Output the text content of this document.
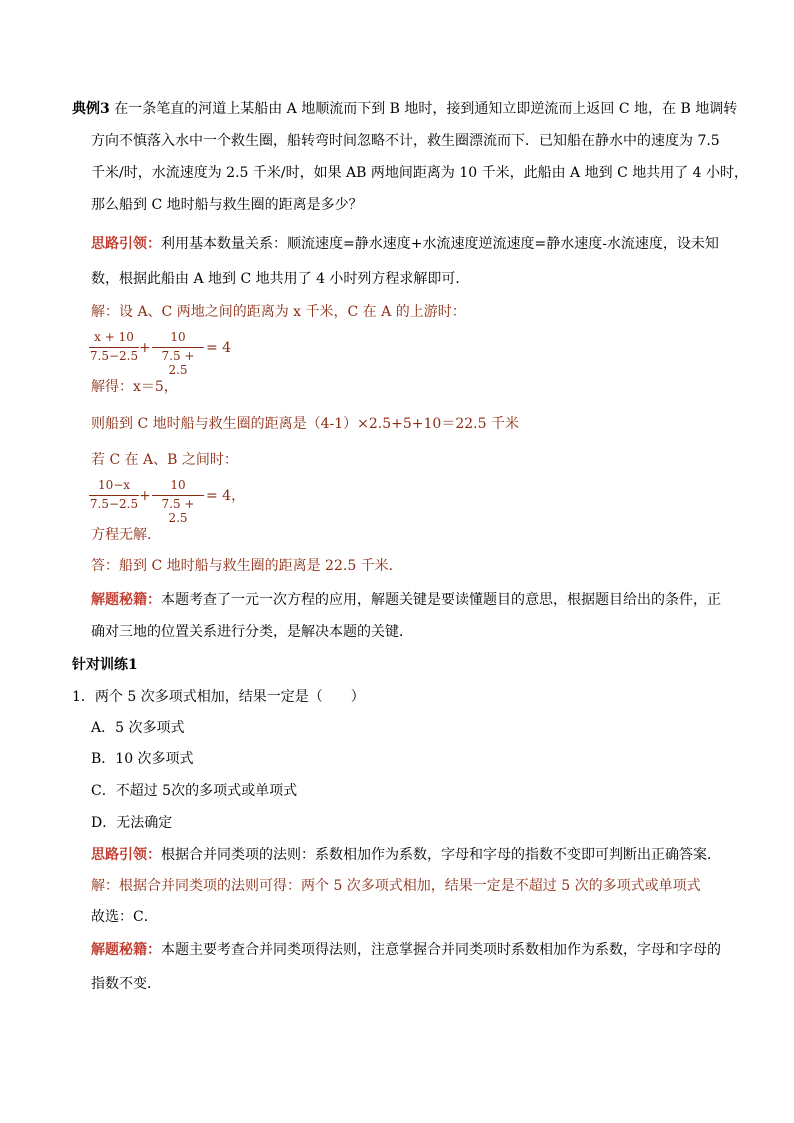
典例3 在一条笔直的河道上某船由 A 地顺流而下到 B 地时，接到通知立即逆流而上返回 C 地，在 B 地调转
方向不慎落入水中一个救生圈，船转弯时间忽略不计，救生圈漂流而下．已知船在静水中的速度为 7.5
千米/时，水流速度为 2.5 千米/时，如果 AB 两地间距离为 10 千米，此船由 A 地到 C 地共用了 4 小时，
那么船到 C 地时船与救生圈的距离是多少？
思路引领：利用基本数量关系：顺流速度=静水速度+水流速度逆流速度=静水速度-水流速度，设未知
数，根据此船由 A 地到 C 地共用了 4 小时列方程求解即可．
解：设 A、C 两地之间的距离为 x 千米，C 在 A 的上游时：
x + 10
7.5−2.5 +
10
7.5 + 2.5
= 4
解得：x＝5，
则船到 C 地时船与救生圈的距离是（4-1）×2.5+5+10＝22.5 千米
若 C 在 A、B 之间时：
10−x
7.5−2.5 +
10
7.5 + 2.5
= 4，
方程无解．
答：船到 C 地时船与救生圈的距离是 22.5 千米．
解题秘籍：本题考查了一元一次方程的应用，解题关键是要读懂题目的意思，根据题目给出的条件，正
确对三地的位置关系进行分类，是解决本题的关键．
针对训练1
1．两个 5 次多项式相加，结果一定是（　　）
A．5 次多项式
B．10 次多项式
C．不超过 5次的多项式或单项式
D．无法确定
思路引领：根据合并同类项的法则：系数相加作为系数，字母和字母的指数不变即可判断出正确答案．
解：根据合并同类项的法则可得：两个 5 次多项式相加，结果一定是不超过 5 次的多项式或单项式
故选：C．
解题秘籍：本题主要考查合并同类项得法则，注意掌握合并同类项时系数相加作为系数，字母和字母的
指数不变．
